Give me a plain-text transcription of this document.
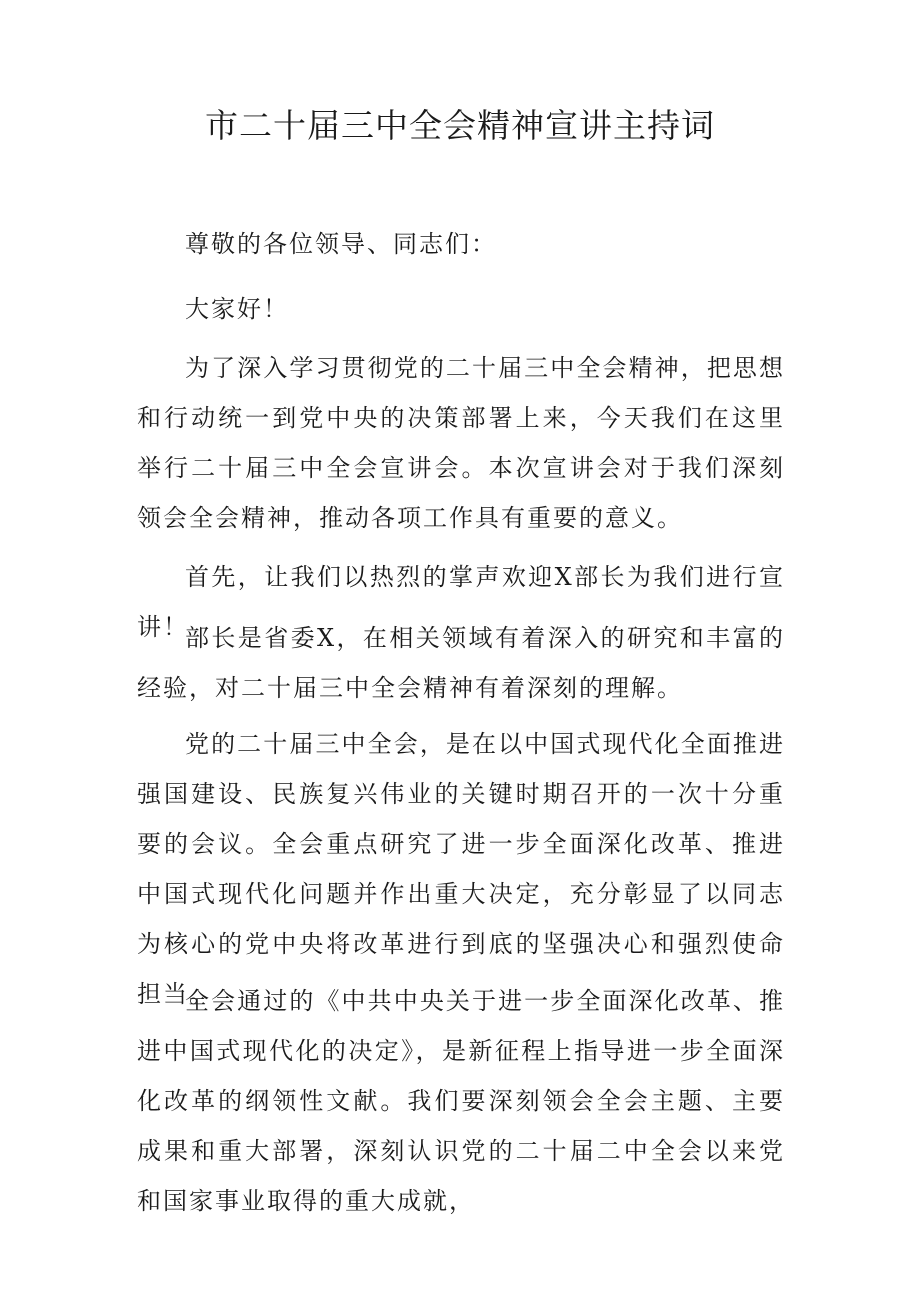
市二十届三中全会精神宣讲主持词

尊敬的各位领导、同志们：

大家好！

为了深入学习贯彻党的二十届三中全会精神，把思想和行动统一到党中央的决策部署上来，今天我们在这里举行二十届三中全会宣讲会。本次宣讲会对于我们深刻领会全会精神，推动各项工作具有重要的意义。

首先，让我们以热烈的掌声欢迎X部长为我们进行宣讲！

部长是省委X，在相关领域有着深入的研究和丰富的经验，对二十届三中全会精神有着深刻的理解。

党的二十届三中全会，是在以中国式现代化全面推进强国建设、民族复兴伟业的关键时期召开的一次十分重要的会议。全会重点研究了进一步全面深化改革、推进中国式现代化问题并作出重大决定，充分彰显了以同志为核心的党中央将改革进行到底的坚强决心和强烈使命担当。

全会通过的《中共中央关于进一步全面深化改革、推进中国式现代化的决定》，是新征程上指导进一步全面深化改革的纲领性文献。我们要深刻领会全会主题、主要成果和重大部署，深刻认识党的二十届二中全会以来党和国家事业取得的重大成就，
